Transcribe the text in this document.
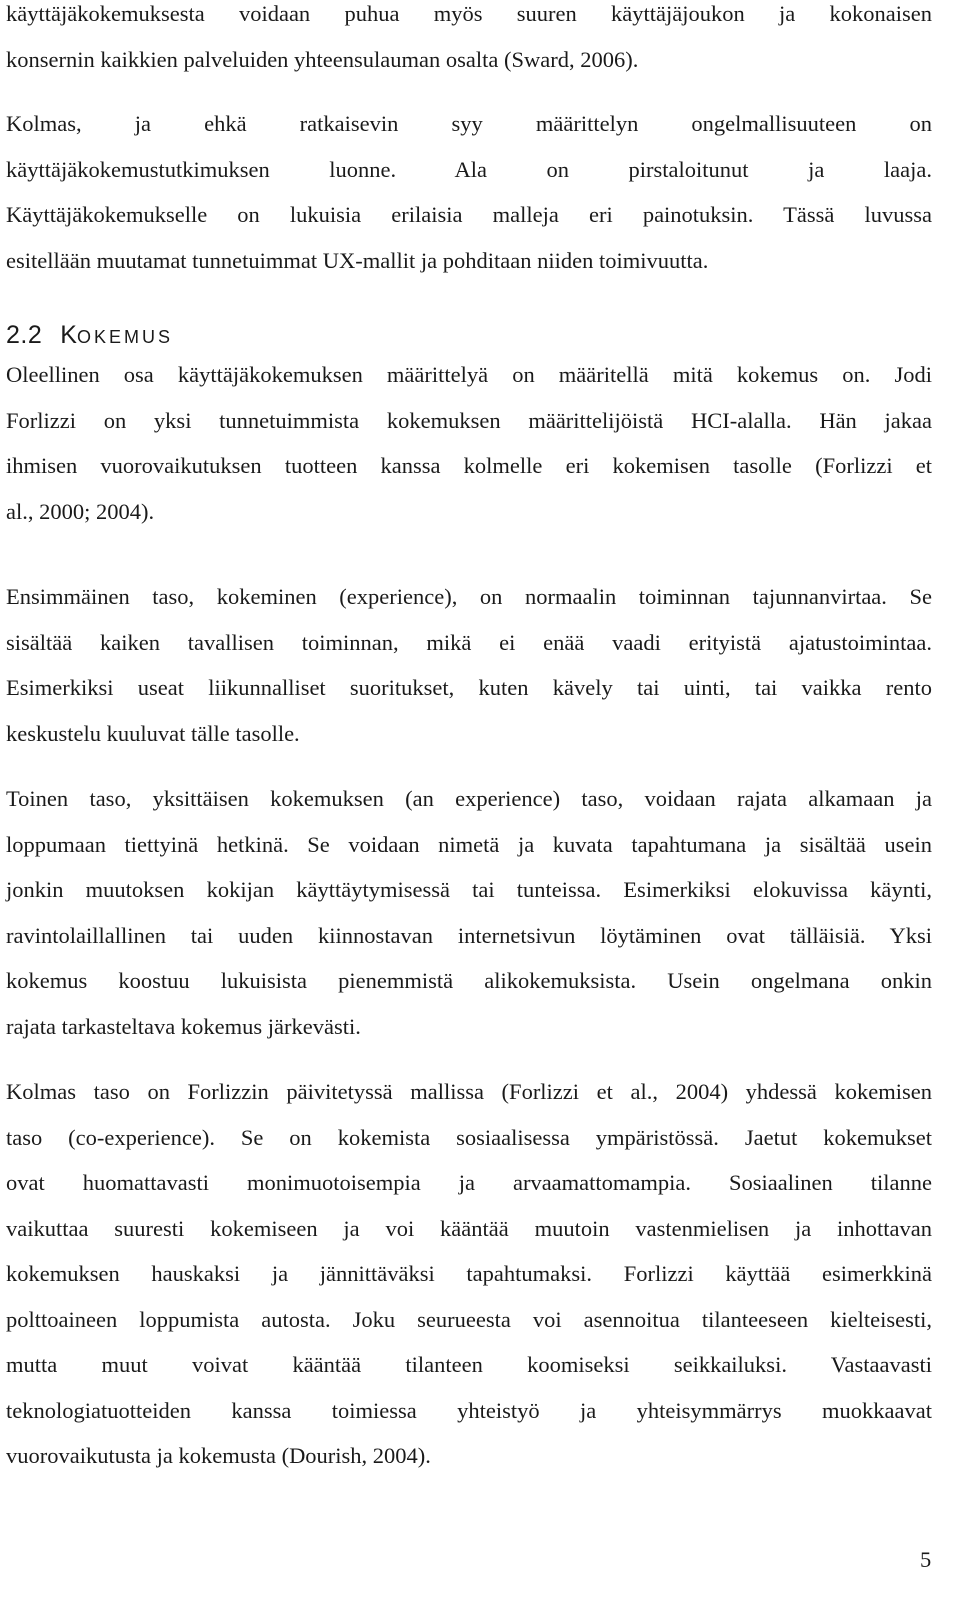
käyttäjäkokemuksesta voidaan puhua myös suuren käyttäjäjoukon ja kokonaisen
konsernin kaikkien palveluiden yhteensulauman osalta (Sward, 2006).

Kolmas, ja ehkä ratkaisevin syy määrittelyn ongelmallisuuteen on
käyttäjäkokemustutkimuksen luonne. Ala on pirstaloitunut ja laaja.
Käyttäjäkokemukselle on lukuisia erilaisia malleja eri painotuksin. Tässä luvussa
esitellään muutamat tunnetuimmat UX-mallit ja pohditaan niiden toimivuutta.

2.2 KOKEMUS

Oleellinen osa käyttäjäkokemuksen määrittelyä on määritellä mitä kokemus on. Jodi
Forlizzi on yksi tunnetuimmista kokemuksen määrittelijöistä HCI-alalla. Hän jakaa
ihmisen vuorovaikutuksen tuotteen kanssa kolmelle eri kokemisen tasolle (Forlizzi et
al., 2000; 2004).

Ensimmäinen taso, kokeminen (experience), on normaalin toiminnan tajunnanvirtaa. Se
sisältää kaiken tavallisen toiminnan, mikä ei enää vaadi erityistä ajatustoimintaa.
Esimerkiksi useat liikunnalliset suoritukset, kuten kävely tai uinti, tai vaikka rento
keskustelu kuuluvat tälle tasolle.

Toinen taso, yksittäisen kokemuksen (an experience) taso, voidaan rajata alkamaan ja
loppumaan tiettyinä hetkinä. Se voidaan nimetä ja kuvata tapahtumana ja sisältää usein
jonkin muutoksen kokijan käyttäytymisessä tai tunteissa. Esimerkiksi elokuvissa käynti,
ravintolaillallinen tai uuden kiinnostavan internetsivun löytäminen ovat tälläisiä. Yksi
kokemus koostuu lukuisista pienemmistä alikokemuksista. Usein ongelmana onkin
rajata tarkasteltava kokemus järkevästi.

Kolmas taso on Forlizzin päivitetyssä mallissa (Forlizzi et al., 2004) yhdessä kokemisen
taso (co-experience). Se on kokemista sosiaalisessa ympäristössä. Jaetut kokemukset
ovat huomattavasti monimuotoisempia ja arvaamattomampia. Sosiaalinen tilanne
vaikuttaa suuresti kokemiseen ja voi kääntää muutoin vastenmielisen ja inhottavan
kokemuksen hauskaksi ja jännittäväksi tapahtumaksi. Forlizzi käyttää esimerkkinä
polttoaineen loppumista autosta. Joku seurueesta voi asennoitua tilanteeseen kielteisesti,
mutta muut voivat kääntää tilanteen koomiseksi seikkailuksi. Vastaavasti
teknologiatuotteiden kanssa toimiessa yhteistyö ja yhteisymmärrys muokkaavat
vuorovaikutusta ja kokemusta (Dourish, 2004).

5
